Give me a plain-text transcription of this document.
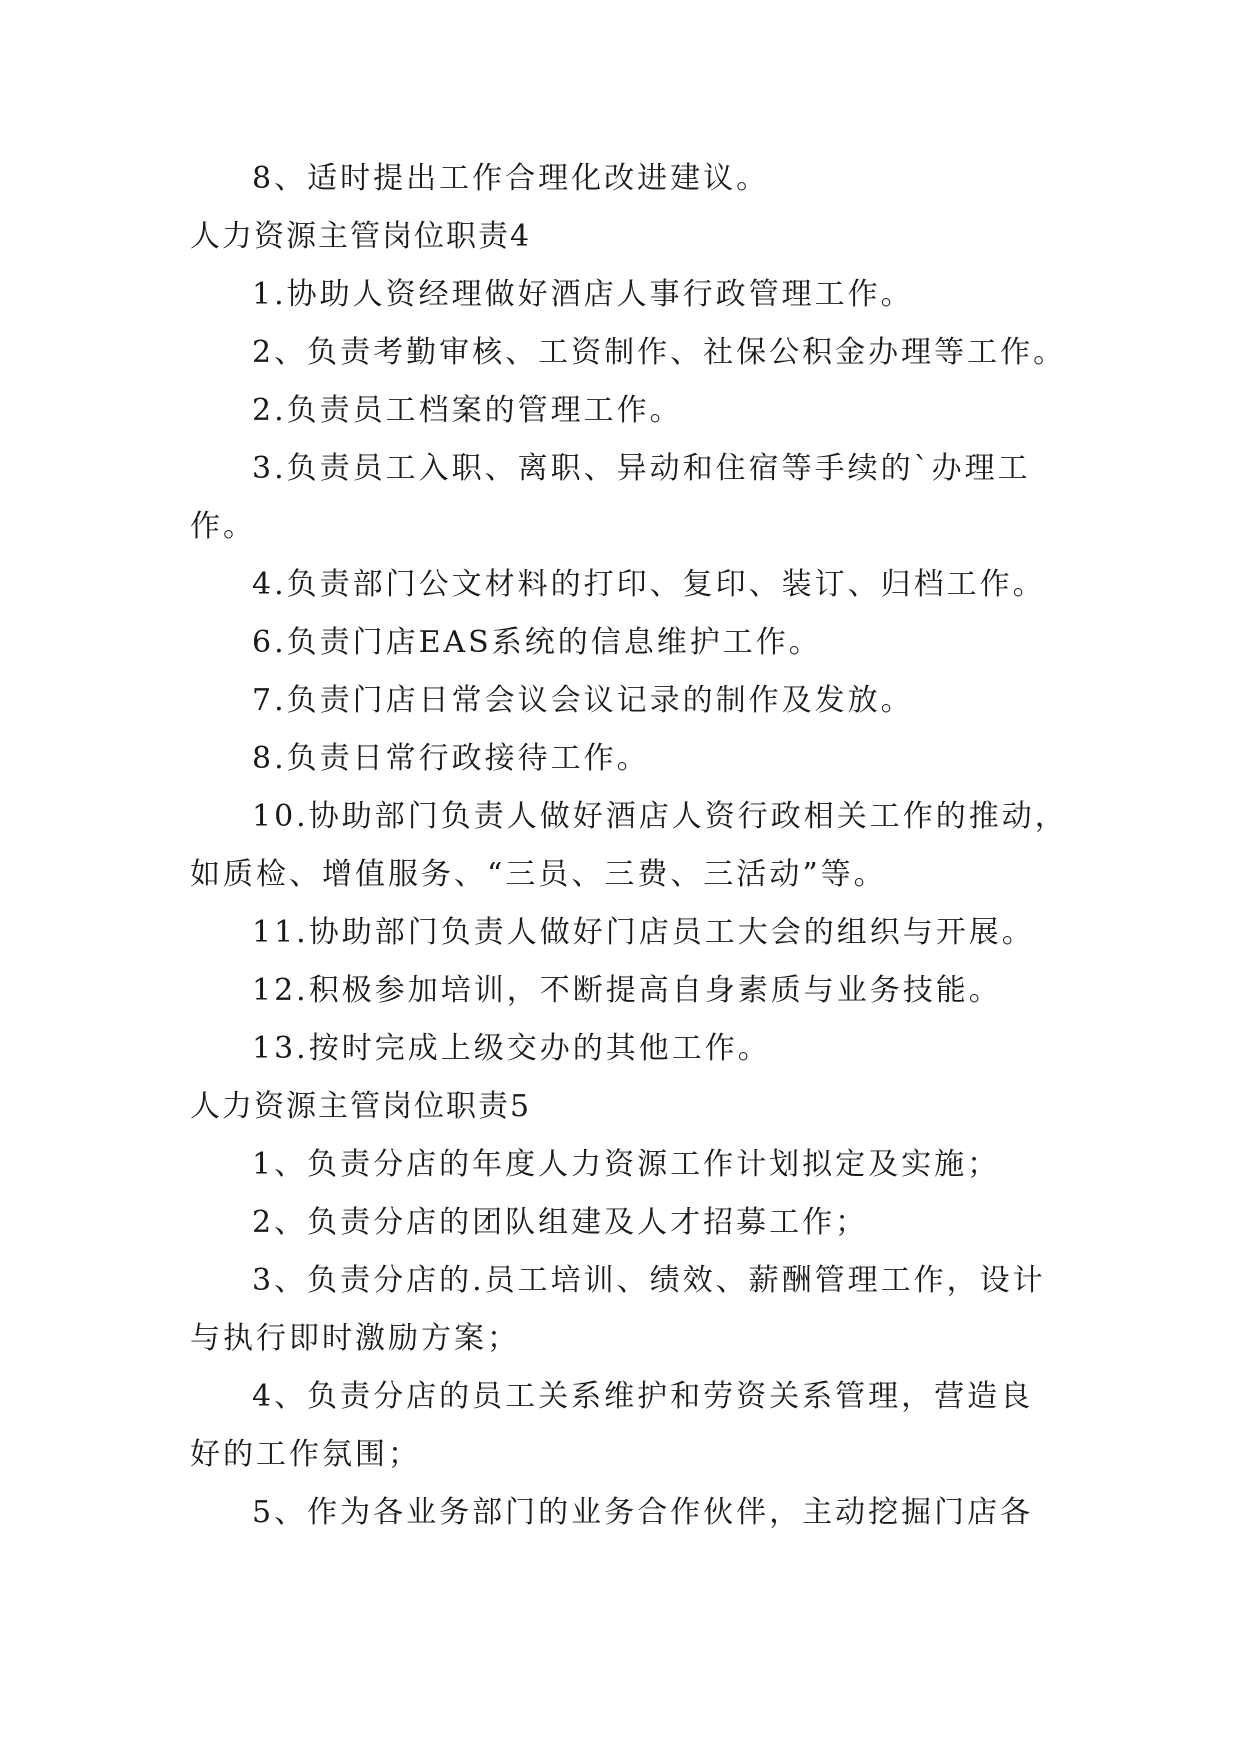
8、适时提出工作合理化改进建议。
人力资源主管岗位职责4
1.协助人资经理做好酒店人事行政管理工作。
2、负责考勤审核、工资制作、社保公积金办理等工作。
2.负责员工档案的管理工作。
3.负责员工入职、离职、异动和住宿等手续的`办理工
作。
4.负责部门公文材料的打印、复印、装订、归档工作。
6.负责门店EAS系统的信息维护工作。
7.负责门店日常会议会议记录的制作及发放。
8.负责日常行政接待工作。
10.协助部门负责人做好酒店人资行政相关工作的推动，
如质检、增值服务、“三员、三费、三活动”等。
11.协助部门负责人做好门店员工大会的组织与开展。
12.积极参加培训，不断提高自身素质与业务技能。
13.按时完成上级交办的其他工作。
人力资源主管岗位职责5
1、负责分店的年度人力资源工作计划拟定及实施；
2、负责分店的团队组建及人才招募工作；
3、负责分店的.员工培训、绩效、薪酬管理工作，设计
与执行即时激励方案；
4、负责分店的员工关系维护和劳资关系管理，营造良
好的工作氛围；
5、作为各业务部门的业务合作伙伴，主动挖掘门店各
